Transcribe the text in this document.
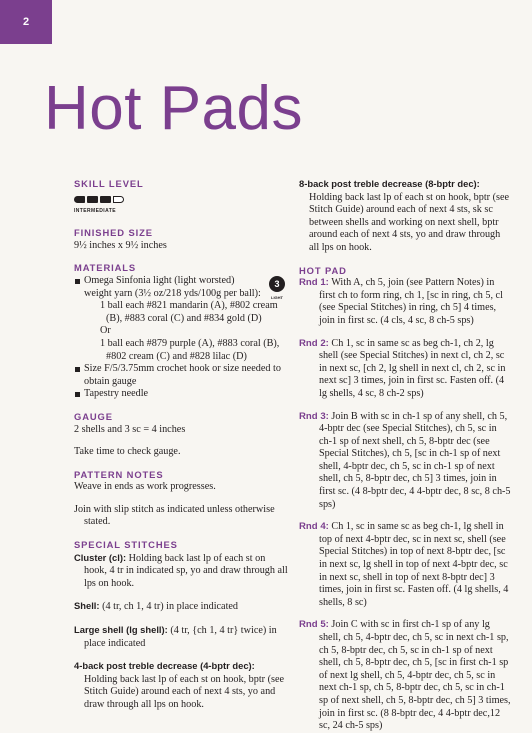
2
Hot Pads

SKILL LEVEL

INTERMEDIATE

FINISHED SIZE

9½ inches x 9½ inches

MATERIALS

Omega Sinfonia light (light worsted) weight yarn (3½ oz/218 yds/100g per ball):
3
LIGHT

1 ball each #821 mandarin (A), #802 cream

(B), #883 coral (C) and #834 gold (D)

Or

1 ball each #879 purple (A), #883 coral (B),

#802 cream (C) and #828 lilac (D)

Size F/5/3.75mm crochet hook or size needed to obtain gauge
Tapestry needle

GAUGE

2 shells and 3 sc = 4 inches

Take time to check gauge.

PATTERN NOTES

Weave in ends as work progresses.

Join with slip stitch as indicated unless otherwise stated.

SPECIAL STITCHES

Cluster (cl): Holding back last lp of each st on hook, 4 tr in indicated sp, yo and draw through all lps on hook.

Shell: (4 tr, ch 1, 4 tr) in place indicated

Large shell (lg shell): (4 tr, {ch 1, 4 tr} twice) in place indicated

4-back post treble decrease (4-bptr dec): Holding back last lp of each st on hook, bptr (see Stitch Guide) around each of next 4 sts, yo and draw through all lps on hook.

8-back post treble decrease (8-bptr dec): Holding back last lp of each st on hook, bptr (see Stitch Guide) around each of next 4 sts, sk sc between shells and working on next shell, bptr around each of next 4 sts, yo and draw through all lps on hook.

HOT PAD

Rnd 1: With A, ch 5, join (see Pattern Notes) in first ch to form ring, ch 1, [sc in ring, ch 5, cl (see Special Stitches) in ring, ch 5] 4 times, join in first sc. (4 cls, 4 sc, 8 ch-5 sps)

Rnd 2: Ch 1, sc in same sc as beg ch-1, ch 2, lg shell (see Special Stitches) in next cl, ch 2, sc in next sc, [ch 2, lg shell in next cl, ch 2, sc in next sc] 3 times, join in first sc. Fasten off. (4 lg shells, 4 sc, 8 ch-2 sps)

Rnd 3: Join B with sc in ch-1 sp of any shell, ch 5, 4-bptr dec (see Special Stitches), ch 5, sc in ch-1 sp of next shell, ch 5, 8-bptr dec (see Special Stitches), ch 5, [sc in ch-1 sp of next shell, 4-bptr dec, ch 5, sc in ch-1 sp of next shell, ch 5, 8-bptr dec, ch 5] 3 times, join in first sc. (4 8-bptr dec, 4 4-bptr dec, 8 sc, 8 ch-5 sps)

Rnd 4: Ch 1, sc in same sc as beg ch-1, lg shell in top of next 4-bptr dec, sc in next sc, shell (see Special Stitches) in top of next 8-bptr dec, [sc in next sc, lg shell in top of next 4-bptr dec, sc in next sc, shell in top of next 8-bptr dec] 3 times, join in first sc. Fasten off. (4 lg shells, 4 shells, 8 sc)

Rnd 5: Join C with sc in first ch-1 sp of any lg shell, ch 5, 4-bptr dec, ch 5, sc in next ch-1 sp, ch 5, 8-bptr dec, ch 5, sc in ch-1 sp of next shell, ch 5, 8-bptr dec, ch 5, [sc in first ch-1 sp of next lg shell, ch 5, 4-bptr dec, ch 5, sc in next ch-1 sp, ch 5, 8-bptr dec, ch 5, sc in ch-1 sp of next shell, ch 5, 8-bptr dec, ch 5] 3 times, join in first sc. (8 8-bptr dec, 4 4-bptr dec,12 sc, 24 ch-5 sps)
